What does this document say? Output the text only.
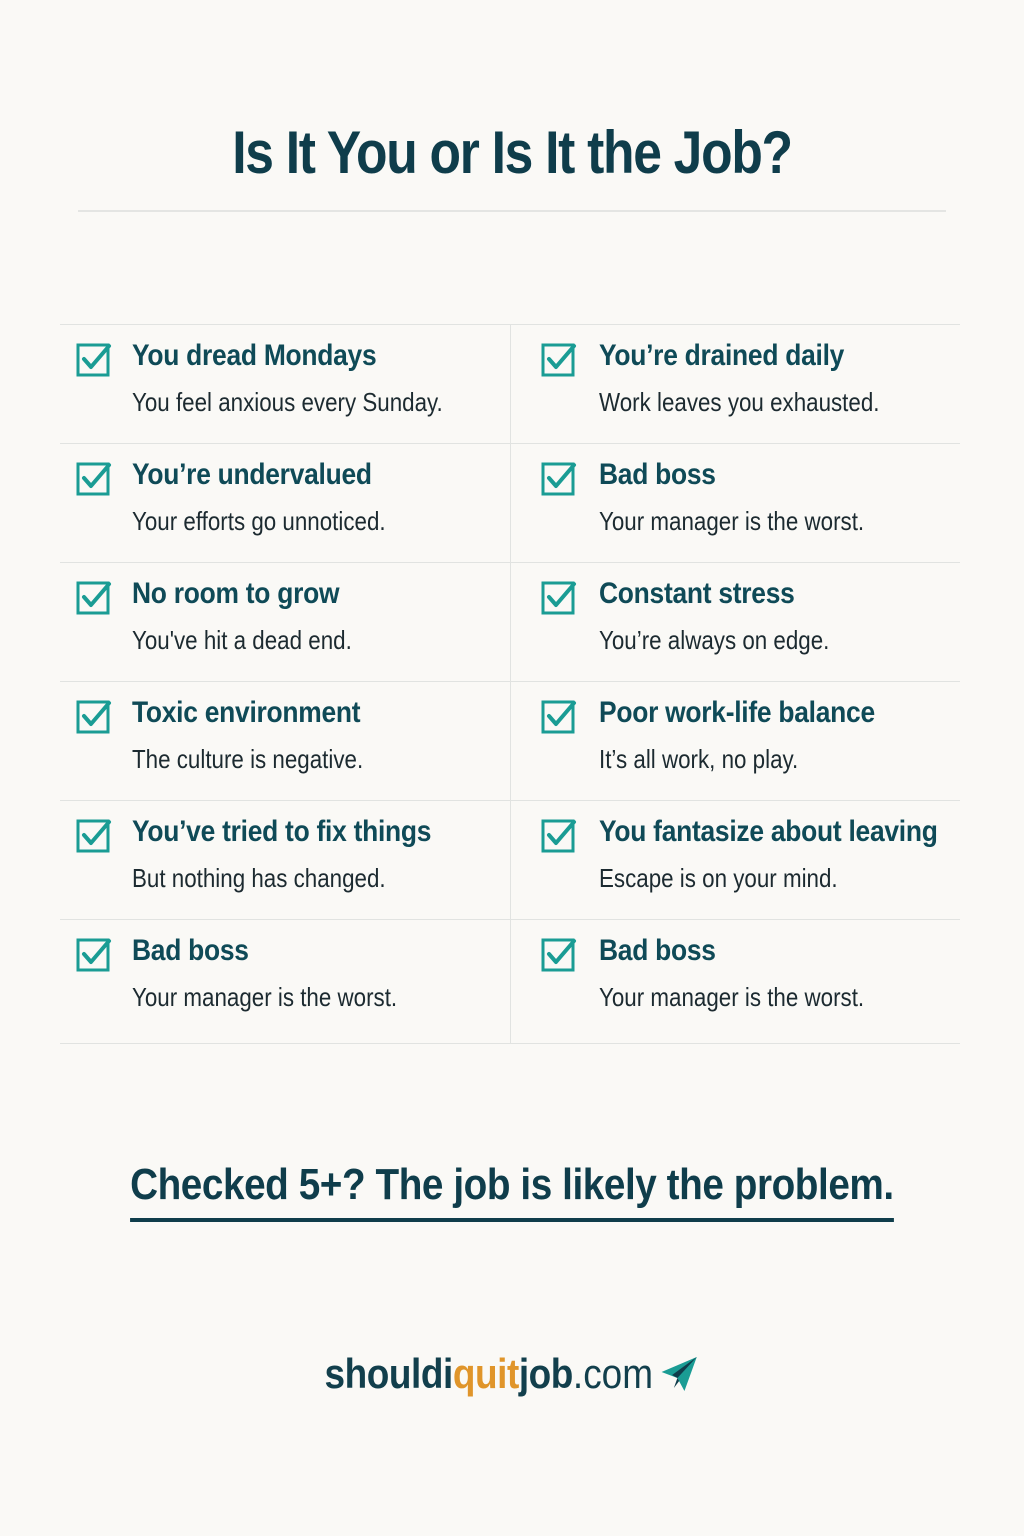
Is It You or Is It the Job?
You dread Mondays
You feel anxious every Sunday.
You’re drained daily
Work leaves you exhausted.
You’re undervalued
Your efforts go unnoticed.
Bad boss
Your manager is the worst.
No room to grow
You've hit a dead end.
Constant stress
You’re always on edge.
Toxic environment
The culture is negative.
Poor work-life balance
It’s all work, no play.
You’ve tried to fix things
But nothing has changed.
You fantasize about leaving
Escape is on your mind.
Bad boss
Your manager is the worst.
Bad boss
Your manager is the worst.
Checked 5+? The job is likely the problem.
shouldi quit job .com
